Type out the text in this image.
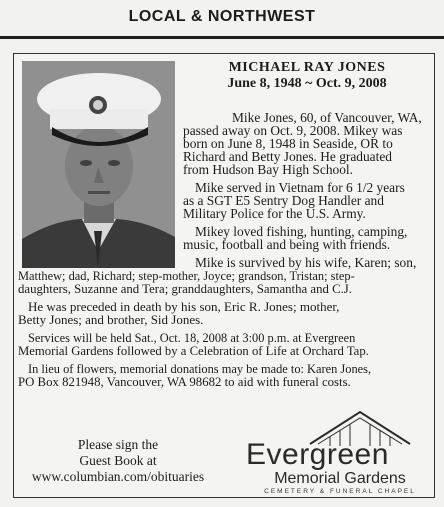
LOCAL & NORTHWEST
MICHAEL RAY JONES
June 8, 1948 ~ Oct. 9, 2008
Mike Jones, 60, of Vancouver, WA,
passed away on Oct. 9, 2008. Mikey was
born on June 8, 1948 in Seaside, OR to
Richard and Betty Jones. He graduated
from Hudson Bay High School.
Mike served in Vietnam for 6 1/2 years
as a SGT E5 Sentry Dog Handler and
Military Police for the U.S. Army.
Mikey loved fishing, hunting, camping,
music, football and being with friends.
Mike is survived by his wife, Karen; son,
Matthew; dad, Richard; step-mother, Joyce; grandson, Tristan; step-
daughters, Suzanne and Tera; granddaughters, Samantha and C.J.
He was preceded in death by his son, Eric R. Jones; mother,
Betty Jones; and brother, Sid Jones.
Services will be held Sat., Oct. 18, 2008 at 3:00 p.m. at Evergreen
Memorial Gardens followed by a Celebration of Life at Orchard Tap.
In lieu of flowers, memorial donations may be made to: Karen Jones,
PO Box 821948, Vancouver, WA 98682 to aid with funeral costs.
Please sign the
Guest Book at
www.columbian.com/obituaries
Evergreen
Memorial Gardens
CEMETERY & FUNERAL CHAPEL
